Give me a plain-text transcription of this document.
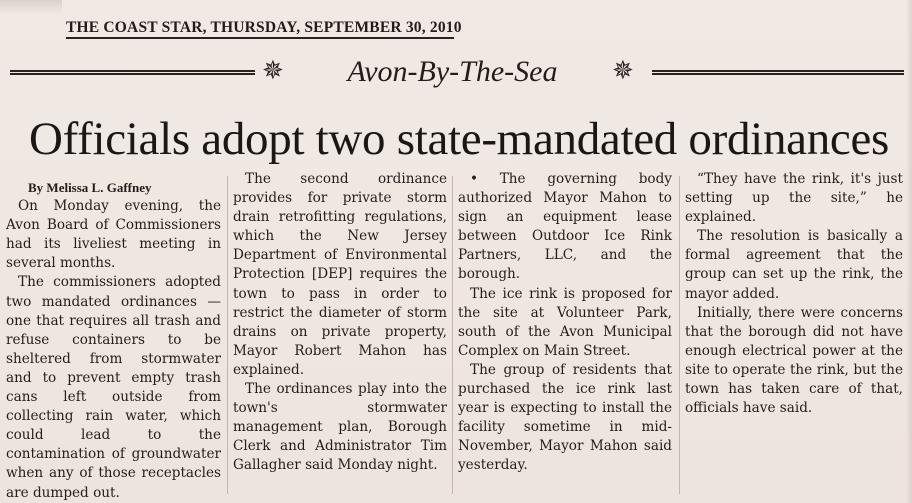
THE COAST STAR, THURSDAY, SEPTEMBER 30, 2010
✵	Avon-By-The-Sea	✵
Officials adopt two state-mandated ordinances

By Melissa L. Gaffney

On Monday evening, the Avon Board of Commissioners had its liveliest meeting in several months.

The commissioners adopted two mandated ordinances — one that requires all trash and refuse containers to be sheltered from stormwater and to prevent empty trash cans left outside from collecting rain water, which could lead to the contamination of groundwater when any of those receptacles are dumped out.

The second ordinance provides for private storm drain retrofitting regulations, which the New Jersey Department of Environmental Protection [DEP] requires the town to pass in order to restrict the diameter of storm drains on private property, Mayor Robert Mahon has explained.

The ordinances play into the town's stormwater management plan, Borough Clerk and Administrator Tim Gallagher said Monday night.

• The governing body authorized Mayor Mahon to sign an equipment lease between Outdoor Ice Rink Partners, LLC, and the borough.

The ice rink is proposed for the site at Volunteer Park, south of the Avon Municipal Complex on Main Street.

The group of residents that purchased the ice rink last year is expecting to install the facility sometime in mid-November, Mayor Mahon said yesterday.

“They have the rink, it's just setting up the site,” he explained.

The resolution is basically a formal agreement that the group can set up the rink, the mayor added.

Initially, there were concerns that the borough did not have enough electrical power at the site to operate the rink, but the town has taken care of that, officials have said.
